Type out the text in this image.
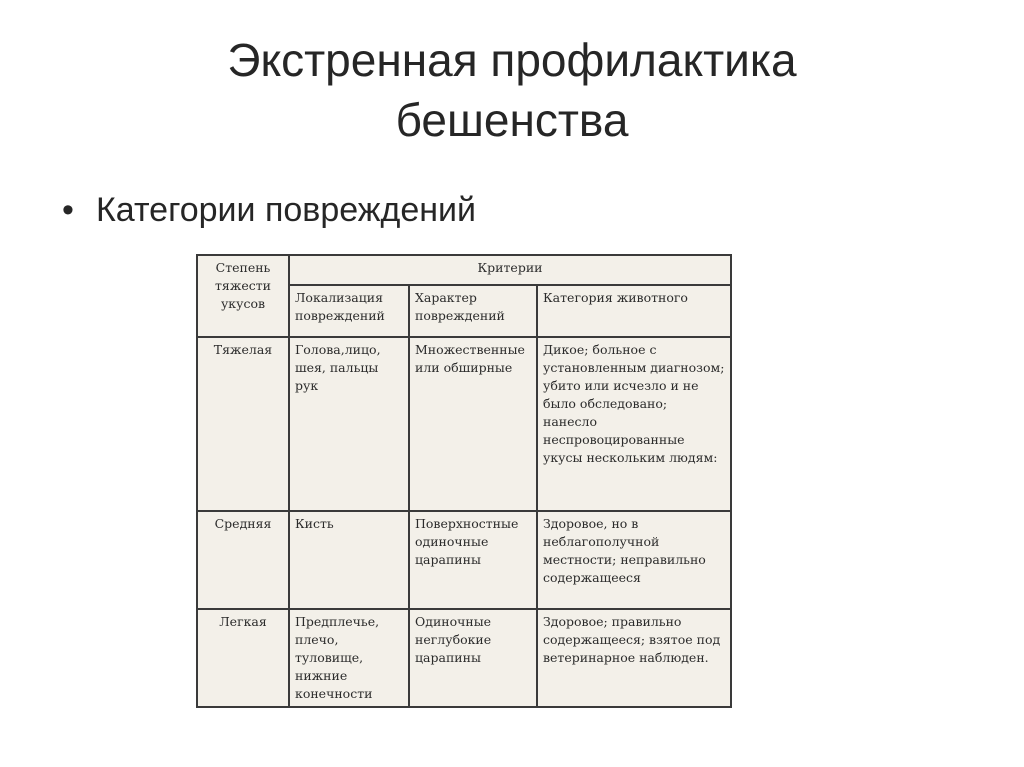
Экстренная профилактика
бешенства
• Категории повреждений
Степень тяжести укусов	Критерии		
	Локализация повреждений	Характер повреждений	Категория животного
Тяжелая	Голова,лицо, шея, пальцы рук	Множественные или обширные	Дикое; больное с установленным диагнозом; убито или исчезло и не было обследовано; нанесло неспровоцированные укусы нескольким людям:
Средняя	Кисть	Поверхностные одиночные царапины	Здоровое, но в неблагополучной местности; неправильно содержащееся
Легкая	Предплечье, плечо, туловище, нижние конечности	Одиночные неглубокие царапины	Здоровое; правильно содержащееся; взятое под ветеринарное наблюден.
